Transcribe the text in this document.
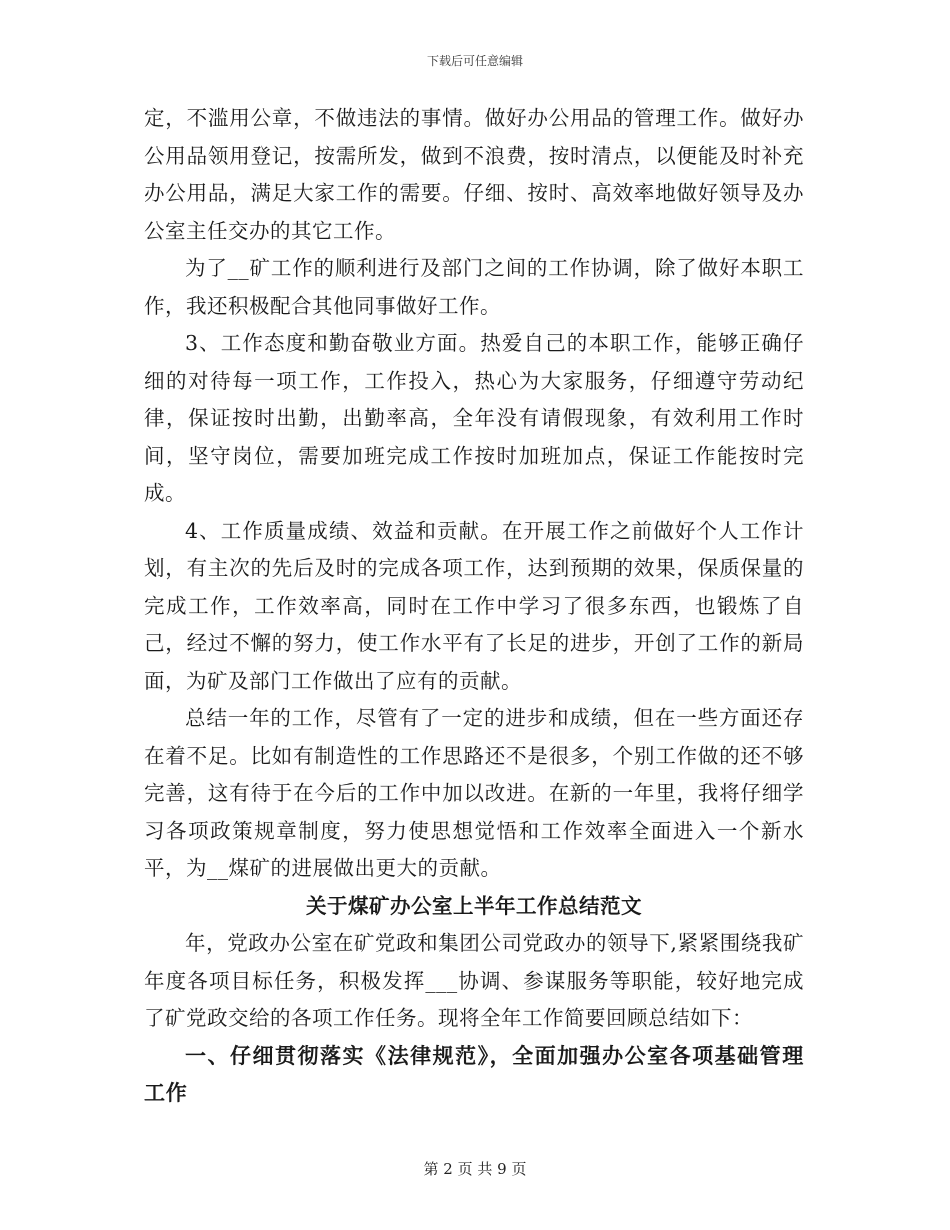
下载后可任意编辑

定，不滥用公章，不做违法的事情。做好办公用品的管理工作。做好办公用品领用登记，按需所发，做到不浪费，按时清点，以便能及时补充办公用品，满足大家工作的需要。仔细、按时、高效率地做好领导及办公室主任交办的其它工作。

为了__矿工作的顺利进行及部门之间的工作协调，除了做好本职工作，我还积极配合其他同事做好工作。

3、工作态度和勤奋敬业方面。热爱自己的本职工作，能够正确仔细的对待每一项工作，工作投入，热心为大家服务，仔细遵守劳动纪律，保证按时出勤，出勤率高，全年没有请假现象，有效利用工作时间，坚守岗位，需要加班完成工作按时加班加点，保证工作能按时完成。

4、工作质量成绩、效益和贡献。在开展工作之前做好个人工作计划，有主次的先后及时的完成各项工作，达到预期的效果，保质保量的完成工作，工作效率高，同时在工作中学习了很多东西，也锻炼了自己，经过不懈的努力，使工作水平有了长足的进步，开创了工作的新局面，为矿及部门工作做出了应有的贡献。

总结一年的工作，尽管有了一定的进步和成绩，但在一些方面还存在着不足。比如有制造性的工作思路还不是很多，个别工作做的还不够完善，这有待于在今后的工作中加以改进。在新的一年里，我将仔细学习各项政策规章制度，努力使思想觉悟和工作效率全面进入一个新水平，为__煤矿的进展做出更大的贡献。

关于煤矿办公室上半年工作总结范文

年，党政办公室在矿党政和集团公司党政办的领导下,紧紧围绕我矿年度各项目标任务，积极发挥___协调、参谋服务等职能，较好地完成了矿党政交给的各项工作任务。现将全年工作简要回顾总结如下：

一、仔细贯彻落实《法律规范》，全面加强办公室各项基础管理工作

第 2 页 共 9 页
